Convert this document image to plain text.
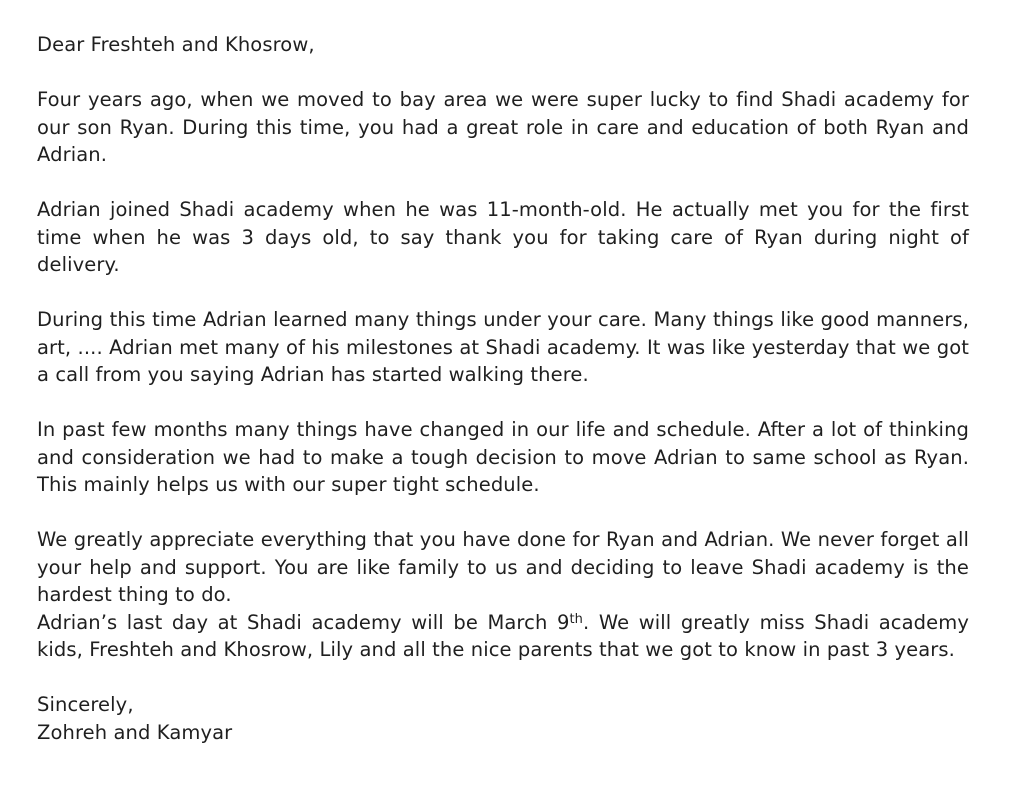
Dear Freshteh and Khosrow,

Four years ago, when we moved to bay area we were super lucky to find Shadi academy for our son Ryan. During this time, you had a great role in care and education of both Ryan and Adrian.

Adrian joined Shadi academy when he was 11-month-old. He actually met you for the first time when he was 3 days old, to say thank you for taking care of Ryan during night of delivery.

During this time Adrian learned many things under your care. Many things like good manners, art, .... Adrian met many of his milestones at Shadi academy. It was like yesterday that we got a call from you saying Adrian has started walking there.

In past few months many things have changed in our life and schedule. After a lot of thinking and consideration we had to make a tough decision to move Adrian to same school as Ryan. This mainly helps us with our super tight schedule.

We greatly appreciate everything that you have done for Ryan and Adrian. We never forget all your help and support. You are like family to us and deciding to leave Shadi academy is the hardest thing to do.

Adrian’s last day at Shadi academy will be March 9th. We will greatly miss Shadi academy kids, Freshteh and Khosrow, Lily and all the nice parents that we got to know in past 3 years.

Sincerely,

Zohreh and Kamyar
